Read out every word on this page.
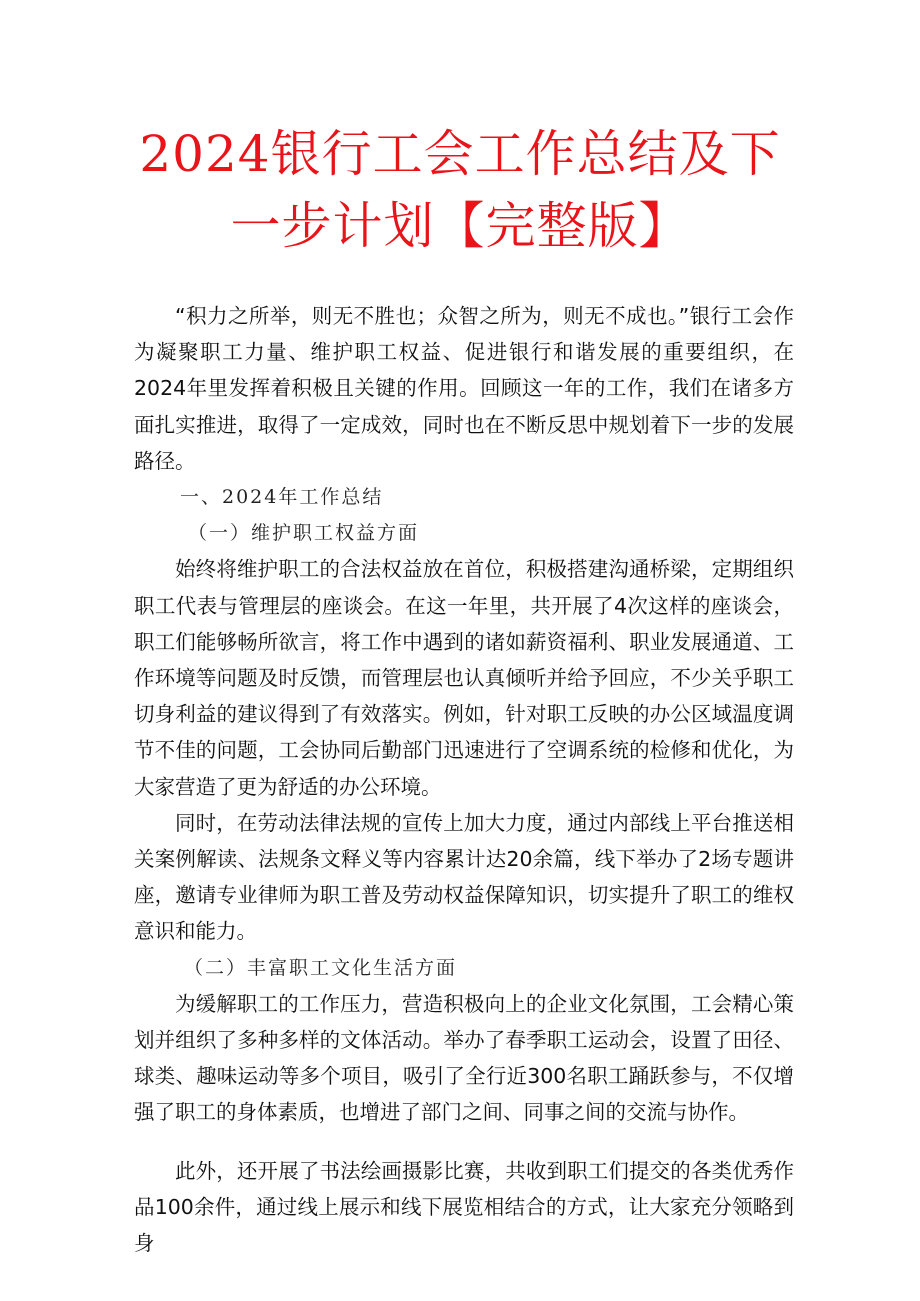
2024银行工会工作总结及下一步计划【完整版】

“积力之所举，则无不胜也；众智之所为，则无不成也。”银行工会作为凝聚职工力量、维护职工权益、促进银行和谐发展的重要组织，在2024年里发挥着积极且关键的作用。回顾这一年的工作，我们在诸多方面扎实推进，取得了一定成效，同时也在不断反思中规划着下一步的发展路径。

一、2024年工作总结
（一）维护职工权益方面

始终将维护职工的合法权益放在首位，积极搭建沟通桥梁，定期组织职工代表与管理层的座谈会。在这一年里，共开展了4次这样的座谈会，职工们能够畅所欲言，将工作中遇到的诸如薪资福利、职业发展通道、工作环境等问题及时反馈，而管理层也认真倾听并给予回应，不少关乎职工切身利益的建议得到了有效落实。例如，针对职工反映的办公区域温度调节不佳的问题，工会协同后勤部门迅速进行了空调系统的检修和优化，为大家营造了更为舒适的办公环境。

同时，在劳动法律法规的宣传上加大力度，通过内部线上平台推送相关案例解读、法规条文释义等内容累计达20余篇，线下举办了2场专题讲座，邀请专业律师为职工普及劳动权益保障知识，切实提升了职工的维权意识和能力。

（二）丰富职工文化生活方面

为缓解职工的工作压力，营造积极向上的企业文化氛围，工会精心策划并组织了多种多样的文体活动。举办了春季职工运动会，设置了田径、球类、趣味运动等多个项目，吸引了全行近300名职工踊跃参与，不仅增强了职工的身体素质，也增进了部门之间、同事之间的交流与协作。

此外，还开展了书法绘画摄影比赛，共收到职工们提交的各类优秀作品100余件，通过线上展示和线下展览相结合的方式，让大家充分领略到身
